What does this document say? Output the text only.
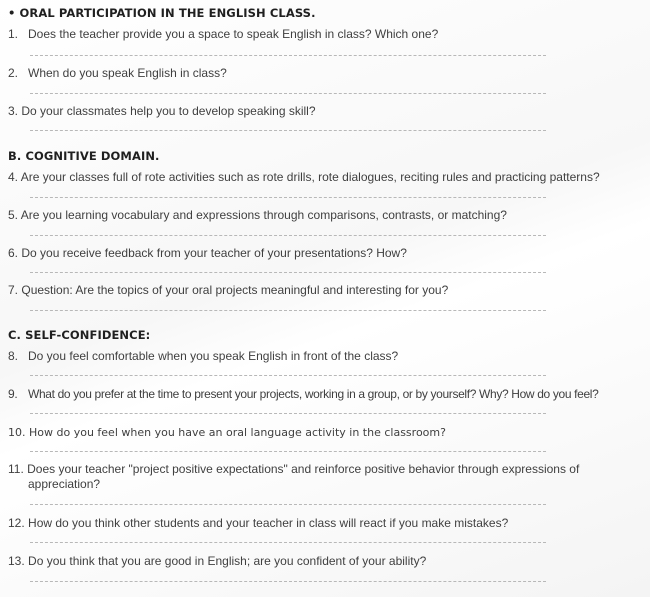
• ORAL PARTICIPATION IN THE ENGLISH CLASS.
1. Does the teacher provide you a space to speak English in class? Which one?
2. When do you speak English in class?
3. Do your classmates help you to develop speaking skill?
B. COGNITIVE DOMAIN.
4. Are your classes full of rote activities such as rote drills, rote dialogues, reciting rules and practicing patterns?
5. Are you learning vocabulary and expressions through comparisons, contrasts, or matching?
6. Do you receive feedback from your teacher of your presentations? How?
7. Question: Are the topics of your oral projects meaningful and interesting for you?
C. SELF-CONFIDENCE:
8. Do you feel comfortable when you speak English in front of the class?
9. What do you prefer at the time to present your projects, working in a group, or by yourself? Why? How do you feel?
10. How do you feel when you have an oral language activity in the classroom?
11. Does your teacher "project positive expectations" and reinforce positive behavior through expressions of
appreciation?
12. How do you think other students and your teacher in class will react if you make mistakes?
13. Do you think that you are good in English; are you confident of your ability?
